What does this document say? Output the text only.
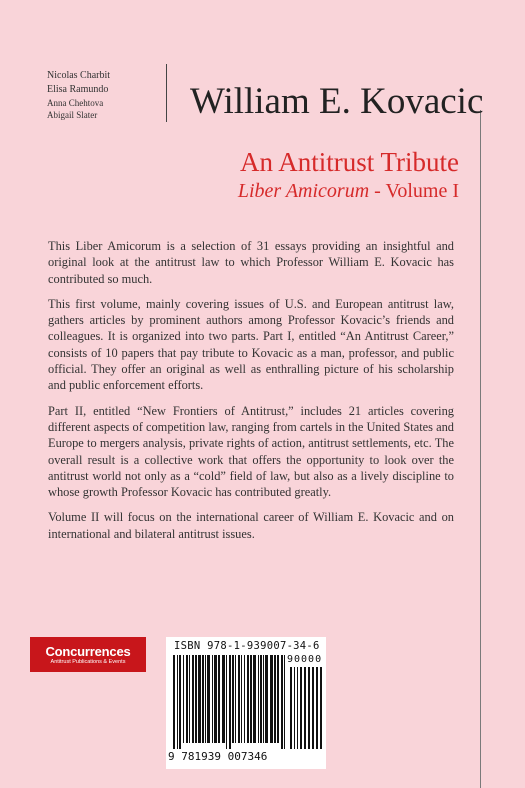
Nicolas Charbit
Elisa Ramundo
Anna Chehtova
Abigail Slater	William E. Kovacic
An Antitrust Tribute
Liber Amicorum - Volume I

This Liber Amicorum is a selection of 31 essays providing an insightful and original look at the antitrust law to which Professor William E. Kovacic has contributed so much.

This first volume, mainly covering issues of U.S. and European antitrust law, gathers articles by prominent authors among Professor Kovacic’s friends and colleagues. It is organized into two parts. Part I, entitled “An Antitrust Career,” consists of 10 papers that pay tribute to Kovacic as a man, professor, and public official. They offer an original as well as enthralling picture of his scholarship and public enforcement efforts.

Part II, entitled “New Frontiers of Antitrust,” includes 21 articles covering different aspects of competition law, ranging from cartels in the United States and Europe to mergers analysis, private rights of action, antitrust settlements, etc. The overall result is a collective work that offers the opportunity to look over the antitrust world not only as a “cold” field of law, but also as a lively discipline to whose growth Professor Kovacic has contributed greatly.

Volume II will focus on the international career of William E. Kovacic and on international and bilateral antitrust issues.

Concurrences
Antitrust Publications & Events
ISBN 978-1-939007-34-6
90000
9 781939 007346
